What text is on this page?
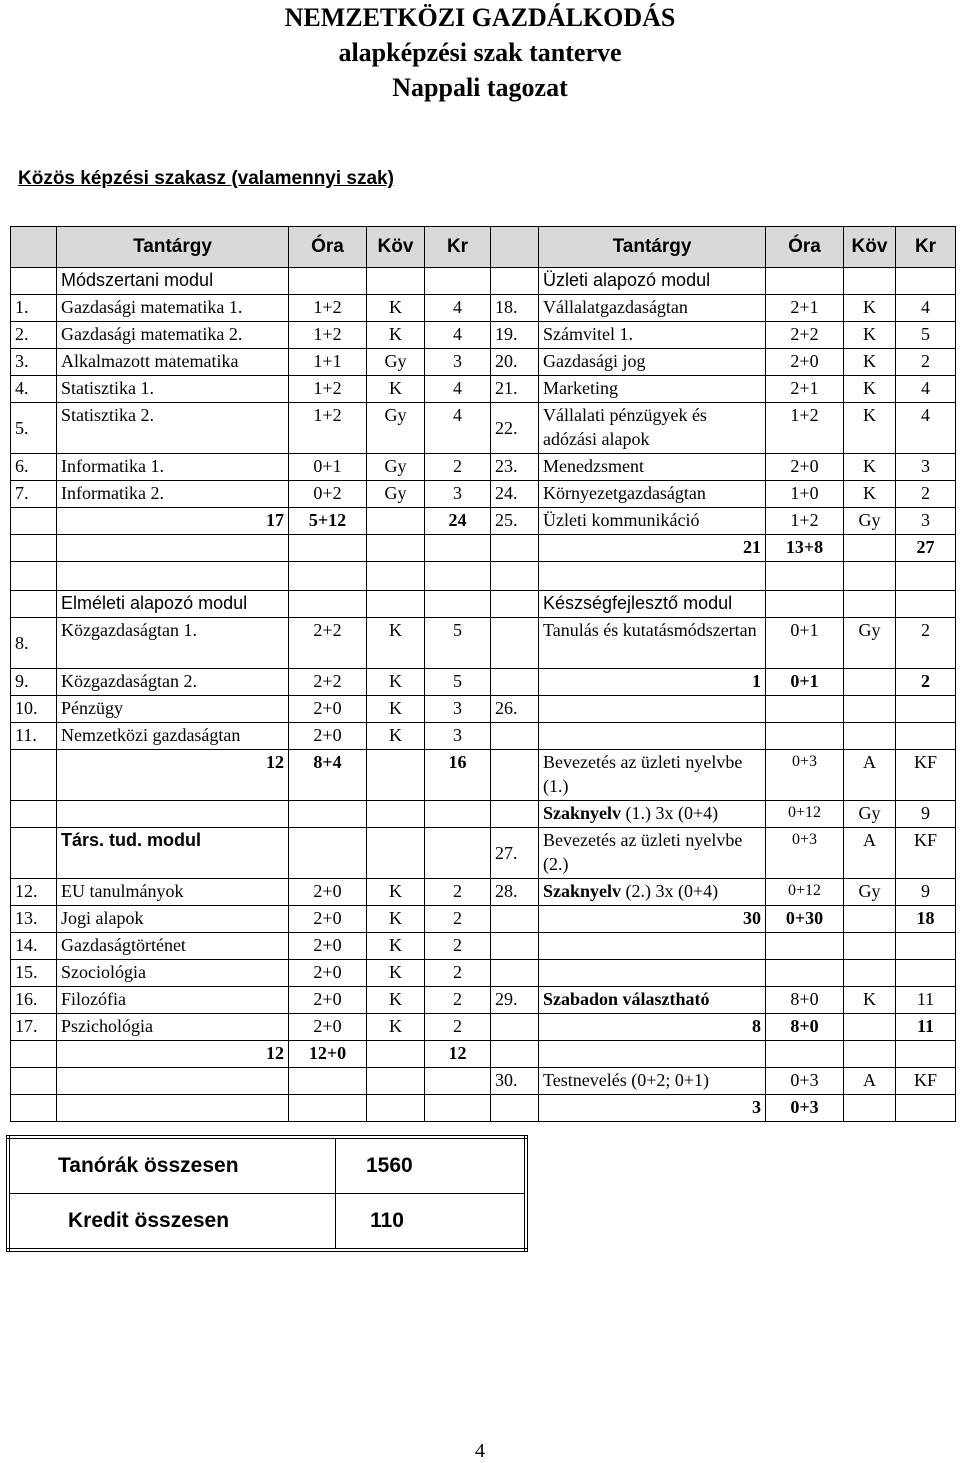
NEMZETKÖZI GAZDÁLKODÁS
alapképzési szak tanterve
Nappali tagozat
Közös képzési szakasz (valamennyi szak)
	Tantárgy	Óra	Köv	Kr		Tantárgy	Óra	Köv	Kr
	Módszertani modul					Üzleti alapozó modul			
1.	Gazdasági matematika 1.	1+2	K	4	18.	Vállalatgazdaságtan	2+1	K	4
2.	Gazdasági matematika 2.	1+2	K	4	19.	Számvitel 1.	2+2	K	5
3.	Alkalmazott matematika	1+1	Gy	3	20.	Gazdasági jog	2+0	K	2
4.	Statisztika 1.	1+2	K	4	21.	Marketing	2+1	K	4
5.	Statisztika 2.	1+2	Gy	4	22.	Vállalati pénzügyek és adózási alapok	1+2	K	4
6.	Informatika 1.	0+1	Gy	2	23.	Menedzsment	2+0	K	3
7.	Informatika 2.	0+2	Gy	3	24.	Környezetgazdaságtan	1+0	K	2
	17	5+12		24	25.	Üzleti kommunikáció	1+2	Gy	3
						21	13+8		27

	Elméleti alapozó modul					Készségfejlesztő modul			
8.	Közgazdaságtan 1.	2+2	K	5		Tanulás és kutatásmódszertan	0+1	Gy	2
9.	Közgazdaságtan 2.	2+2	K	5		1	0+1		2
10.	Pénzügy	2+0	K	3	26.				
11.	Nemzetközi gazdaságtan	2+0	K	3					
	12	8+4		16		Bevezetés az üzleti nyelvbe (1.)	0+3	A	KF
						Szaknyelv (1.) 3x (0+4)	0+12	Gy	9
	Társ. tud. modul				27.	Bevezetés az üzleti nyelvbe (2.)	0+3	A	KF
12.	EU tanulmányok	2+0	K	2	28.	Szaknyelv (2.) 3x (0+4)	0+12	Gy	9
13.	Jogi alapok	2+0	K	2		30	0+30		18
14.	Gazdaságtörténet	2+0	K	2					
15.	Szociológia	2+0	K	2					
16.	Filozófia	2+0	K	2	29.	Szabadon választható	8+0	K	11
17.	Pszichológia	2+0	K	2		8	8+0		11
	12	12+0		12					
					30.	Testnevelés (0+2; 0+1)	0+3	A	KF
						3	0+3		
Tanórák összesen	1560
Kredit összesen	110
4
